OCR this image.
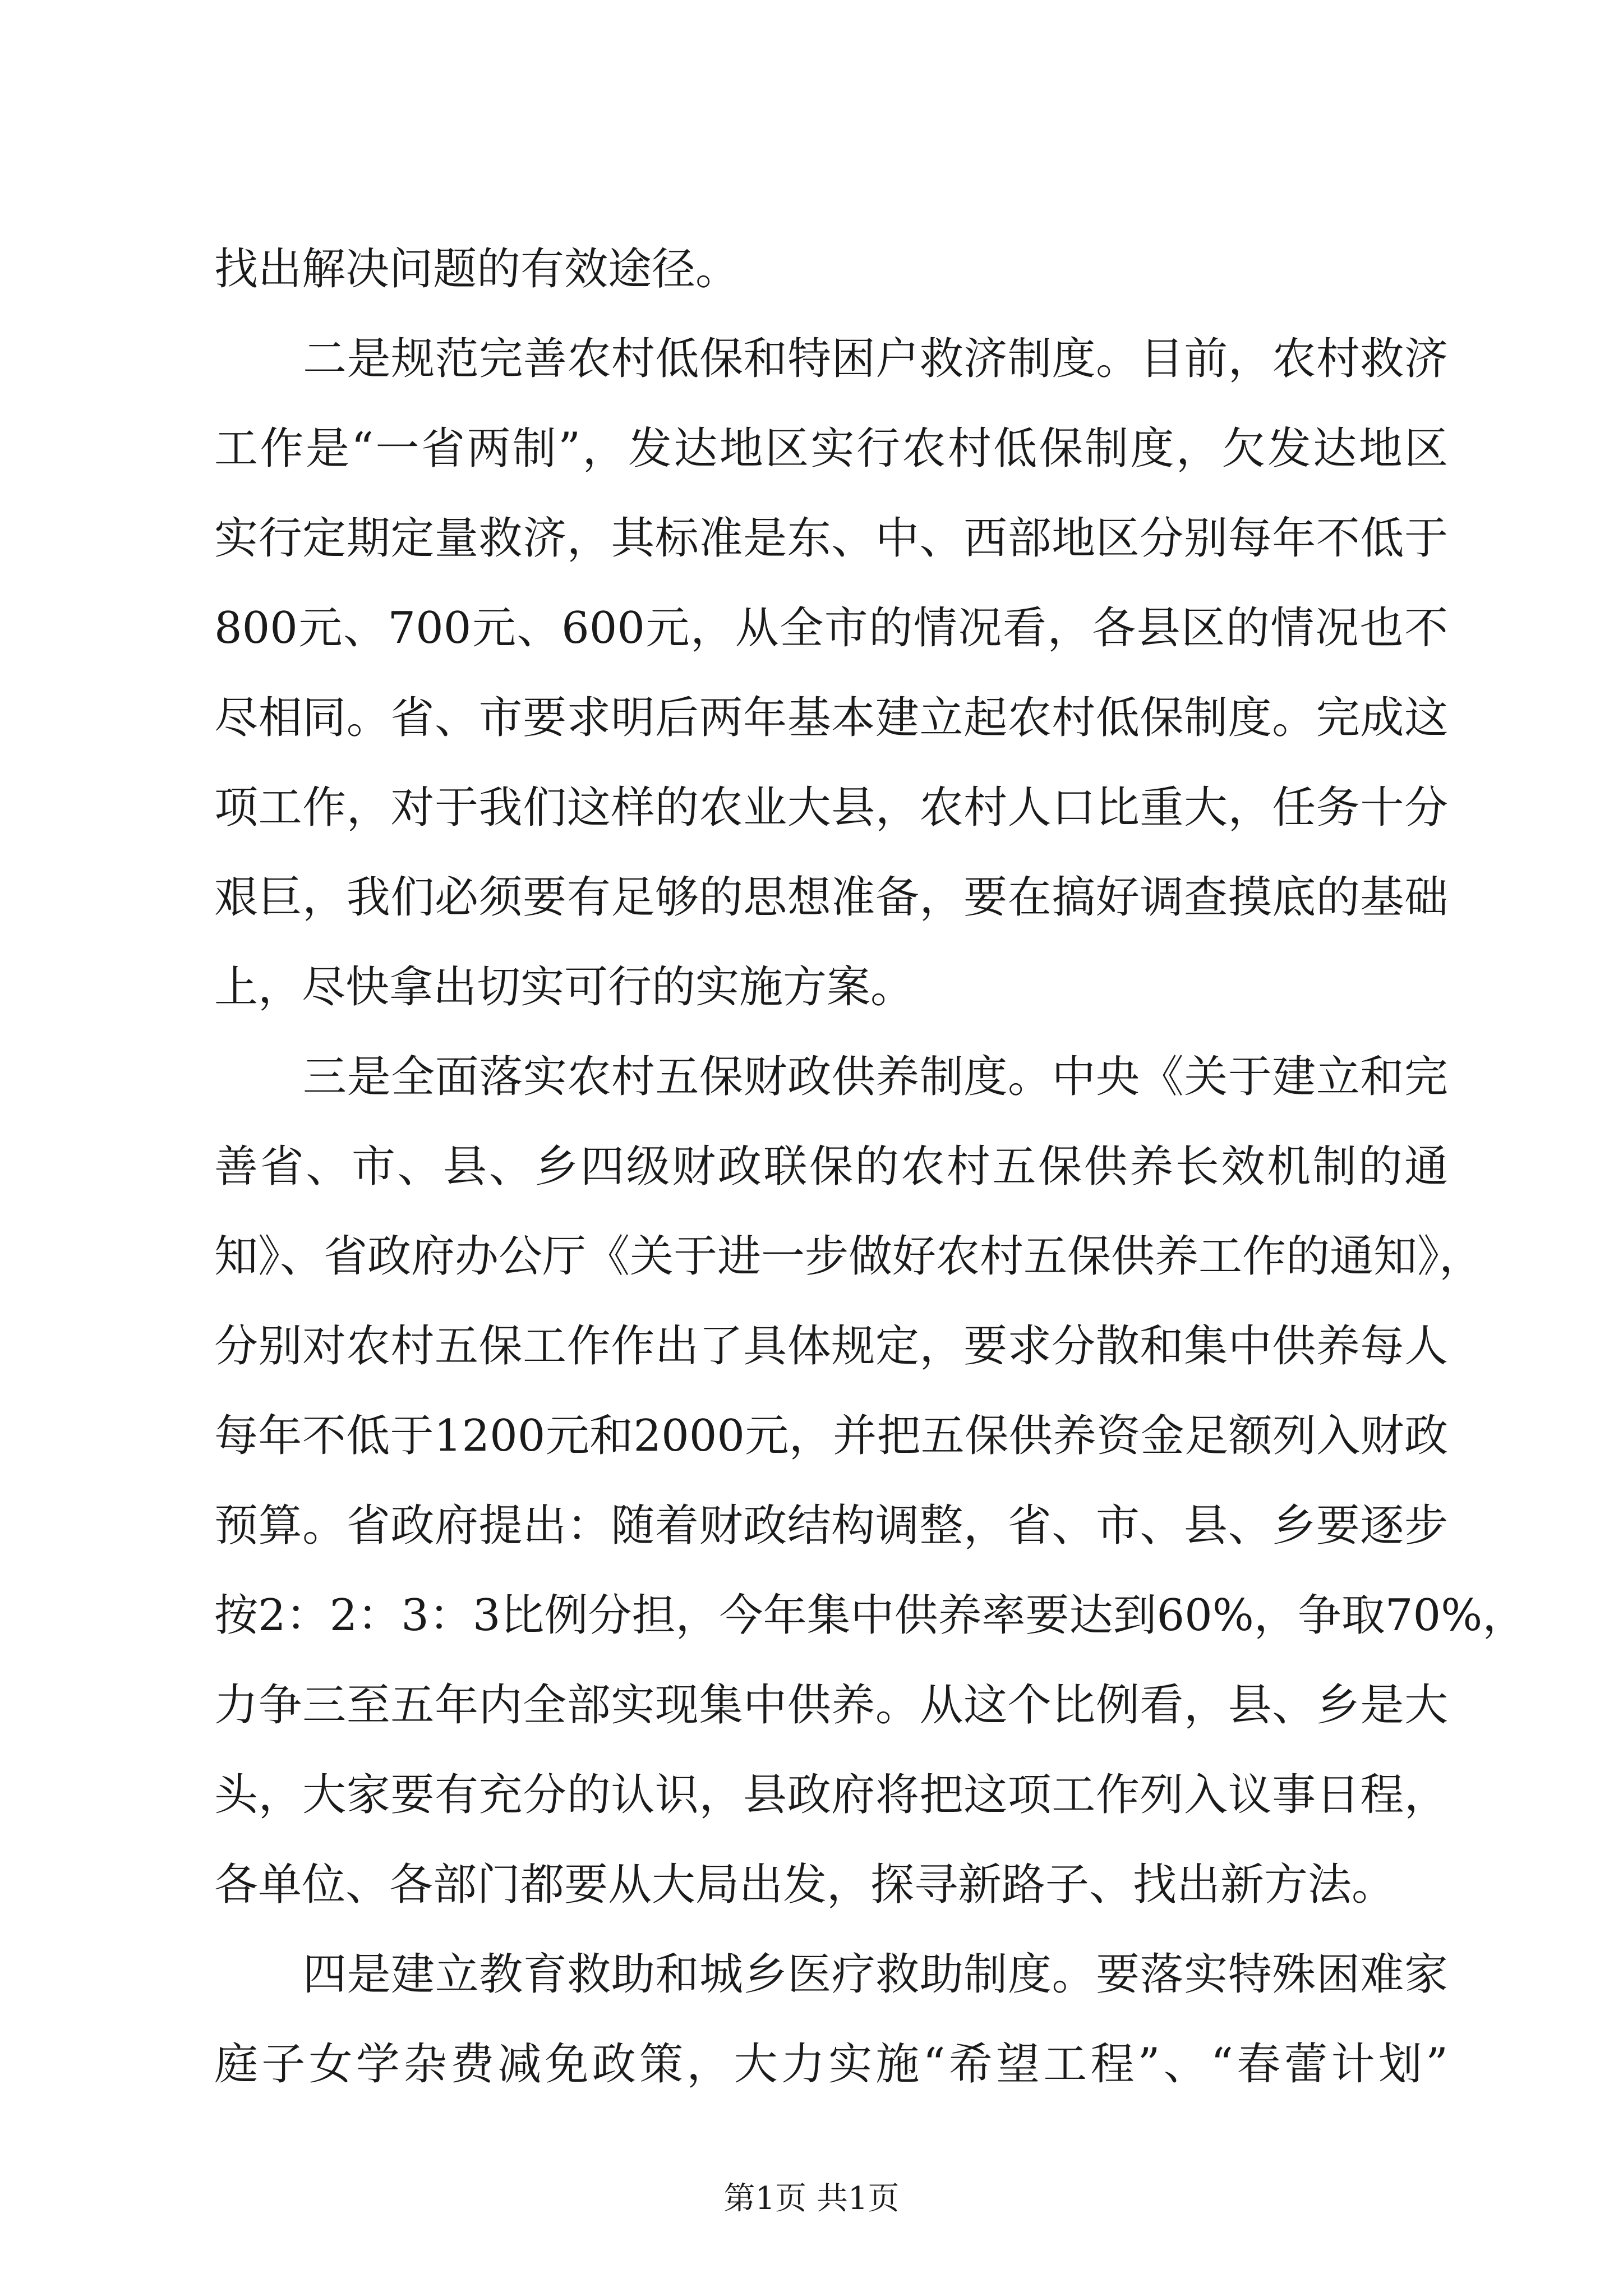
找出解决问题的有效途径。
二是规范完善农村低保和特困户救济制度。目前，农村救济
工作是“一省两制”，发达地区实行农村低保制度，欠发达地区
实行定期定量救济，其标准是东、中、西部地区分别每年不低于
800元、700元、600元，从全市的情况看，各县区的情况也不
尽相同。省、市要求明后两年基本建立起农村低保制度。完成这
项工作，对于我们这样的农业大县，农村人口比重大，任务十分
艰巨，我们必须要有足够的思想准备，要在搞好调查摸底的基础
上，尽快拿出切实可行的实施方案。
三是全面落实农村五保财政供养制度。中央《关于建立和完
善省、市、县、乡四级财政联保的农村五保供养长效机制的通
知》、省政府办公厅《关于进一步做好农村五保供养工作的通知》，
分别对农村五保工作作出了具体规定，要求分散和集中供养每人
每年不低于1200元和2000元，并把五保供养资金足额列入财政
预算。省政府提出：随着财政结构调整，省、市、县、乡要逐步
按2：2：3：3比例分担，今年集中供养率要达到60%，争取70%，
力争三至五年内全部实现集中供养。从这个比例看，县、乡是大
头，大家要有充分的认识，县政府将把这项工作列入议事日程，
各单位、各部门都要从大局出发，探寻新路子、找出新方法。
四是建立教育救助和城乡医疗救助制度。要落实特殊困难家
庭子女学杂费减免政策，大力实施“希望工程”、“春蕾计划”
第1页 共1页
